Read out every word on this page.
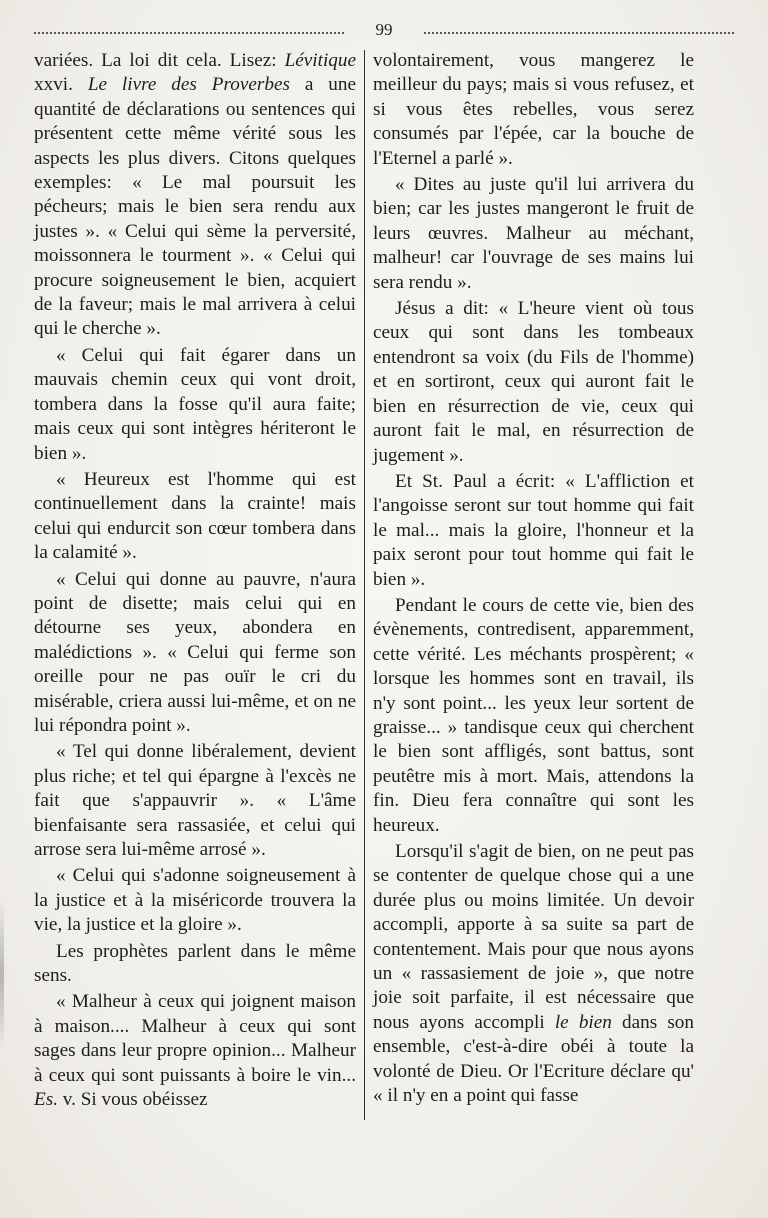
99

variées. La loi dit cela. Lisez: Lévitique xxvi. Le livre des Proverbes a une quantité de déclarations ou sentences qui présentent cette même vérité sous les aspects les plus divers. Citons quelques exemples: « Le mal poursuit les pécheurs; mais le bien sera rendu aux justes ». « Celui qui sème la perversité, moissonnera le tourment ». « Celui qui procure soigneusement le bien, acquiert de la faveur; mais le mal arrivera à celui qui le cherche ».

« Celui qui fait égarer dans un mauvais chemin ceux qui vont droit, tombera dans la fosse qu'il aura faite; mais ceux qui sont intègres hériteront le bien ».

« Heureux est l'homme qui est continuellement dans la crainte! mais celui qui endurcit son cœur tombera dans la calamité ».

« Celui qui donne au pauvre, n'aura point de disette; mais celui qui en détourne ses yeux, abondera en malédictions ». « Celui qui ferme son oreille pour ne pas ouïr le cri du misérable, criera aussi lui-même, et on ne lui répondra point ».

« Tel qui donne libéralement, devient plus riche; et tel qui épargne à l'excès ne fait que s'appauvrir ». « L'âme bienfaisante sera rassasiée, et celui qui arrose sera lui-même arrosé ».

« Celui qui s'adonne soigneusement à la justice et à la miséricorde trouvera la vie, la justice et la gloire ».

Les prophètes parlent dans le même sens.

« Malheur à ceux qui joignent maison à maison.... Malheur à ceux qui sont sages dans leur propre opinion... Malheur à ceux qui sont puissants à boire le vin... Es. v. Si vous obéissez

volontairement, vous mangerez le meilleur du pays; mais si vous refusez, et si vous êtes rebelles, vous serez consumés par l'épée, car la bouche de l'Eternel a parlé ».

« Dites au juste qu'il lui arrivera du bien; car les justes mangeront le fruit de leurs œuvres. Malheur au méchant, malheur! car l'ouvrage de ses mains lui sera rendu ».

Jésus a dit: « L'heure vient où tous ceux qui sont dans les tombeaux entendront sa voix (du Fils de l'homme) et en sortiront, ceux qui auront fait le bien en résurrection de vie, ceux qui auront fait le mal, en résurrection de jugement ».

Et St. Paul a écrit: « L'affliction et l'angoisse seront sur tout homme qui fait le mal... mais la gloire, l'honneur et la paix seront pour tout homme qui fait le bien ».

Pendant le cours de cette vie, bien des évènements, contredisent, apparemment, cette vérité. Les méchants prospèrent; « lorsque les hommes sont en travail, ils n'y sont point... les yeux leur sortent de graisse... » tandisque ceux qui cherchent le bien sont affligés, sont battus, sont peutêtre mis à mort. Mais, attendons la fin. Dieu fera connaître qui sont les heureux.

Lorsqu'il s'agit de bien, on ne peut pas se contenter de quelque chose qui a une durée plus ou moins limitée. Un devoir accompli, apporte à sa suite sa part de contentement. Mais pour que nous ayons un « rassasiement de joie », que notre joie soit parfaite, il est nécessaire que nous ayons accompli le bien dans son ensemble, c'est-à-dire obéi à toute la volonté de Dieu. Or l'Ecriture déclare qu' « il n'y en a point qui fasse
